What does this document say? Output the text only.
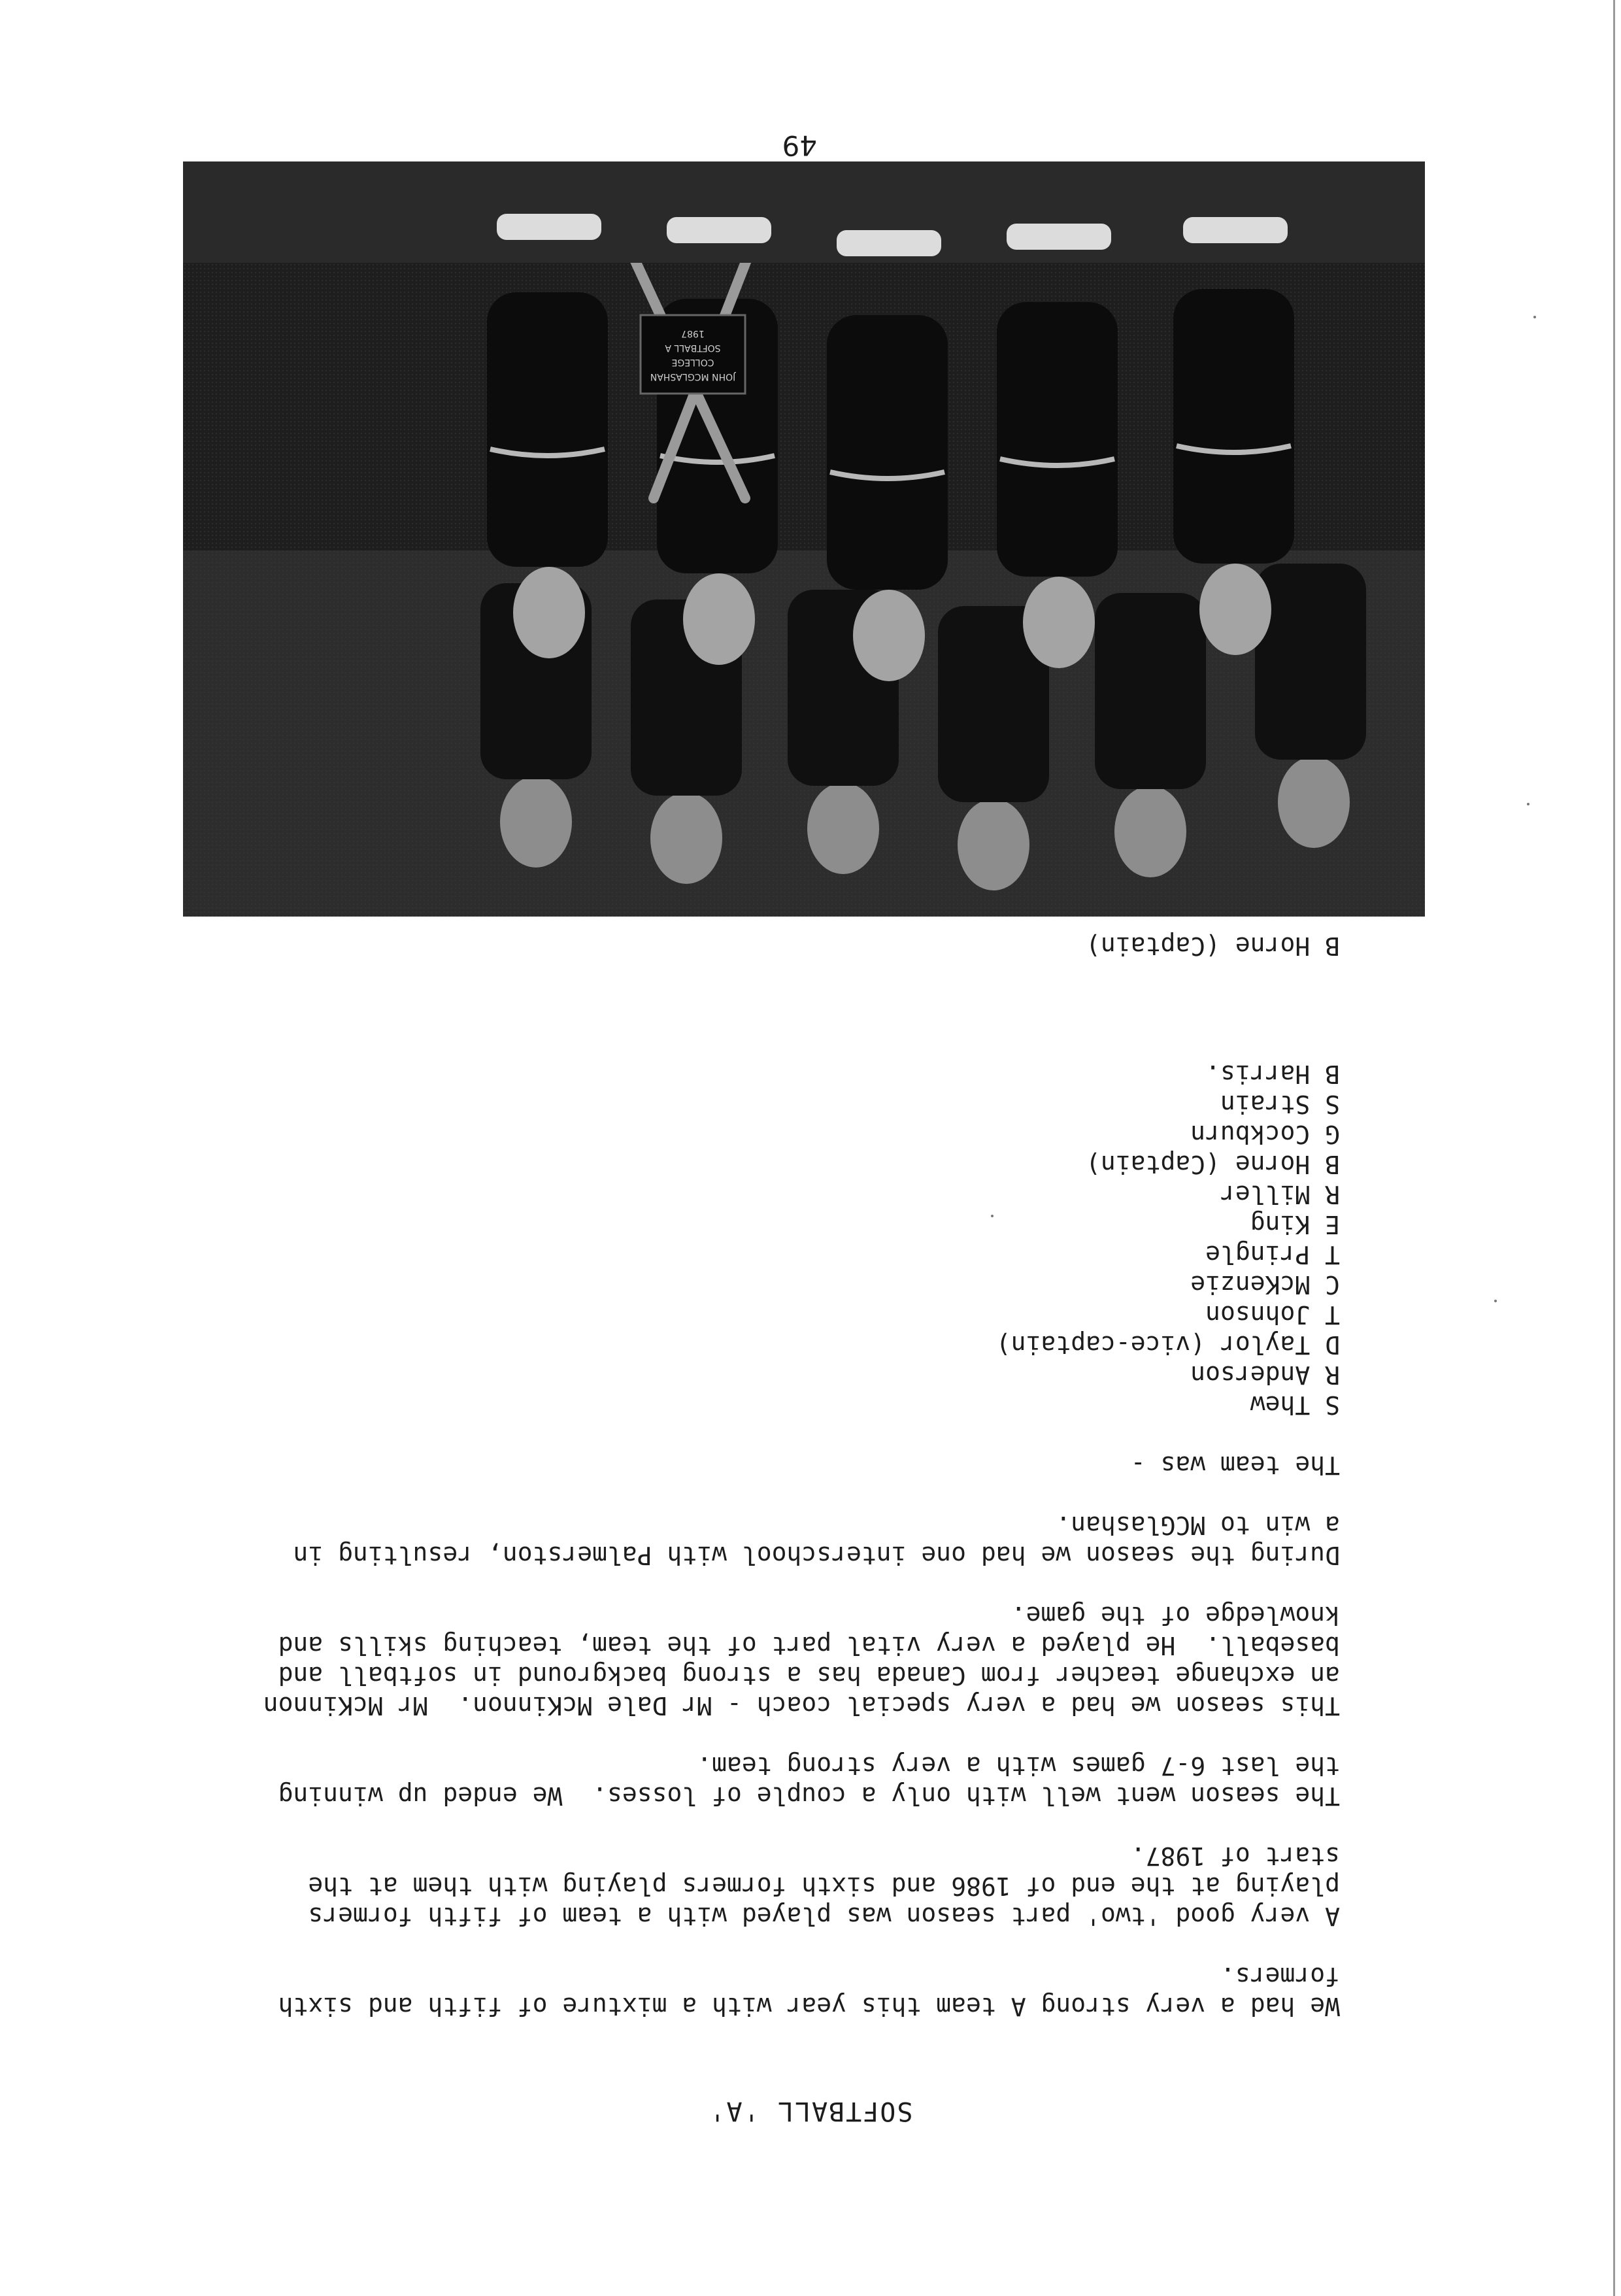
SOFTBALL 'A'

We had a very strong A team this year with a mixture of fifth and sixth
formers.

A very good 'two' part season was played with a team of fifth formers
playing at the end of 1986 and sixth formers playing with them at the
start of 1987.

The season went well with only a couple of losses.  We ended up winning
the last 6-7 games with a very strong team.

This season we had a very special coach - Mr Dale McKinnon.  Mr McKinnon
an exchange teacher from Canada has a strong background in softball and
baseball.  He played a very vital part of the team, teaching skills and
knowledge of the game.

During the season we had one interschool with Palmerston, resulting in
a win to MCGlashan.

The team was -

S Thew
R Anderson
D Taylor (vice-captain)
T Johnson
C McKenzie
T Pringle
E King
R Miller
B Horne (Captain)
G Cockburn
S Strain
B Harris.
B Horne (Captain)
JOHN MCGLASHAN
COLLEGE
SOFTBALL A
1987
49
